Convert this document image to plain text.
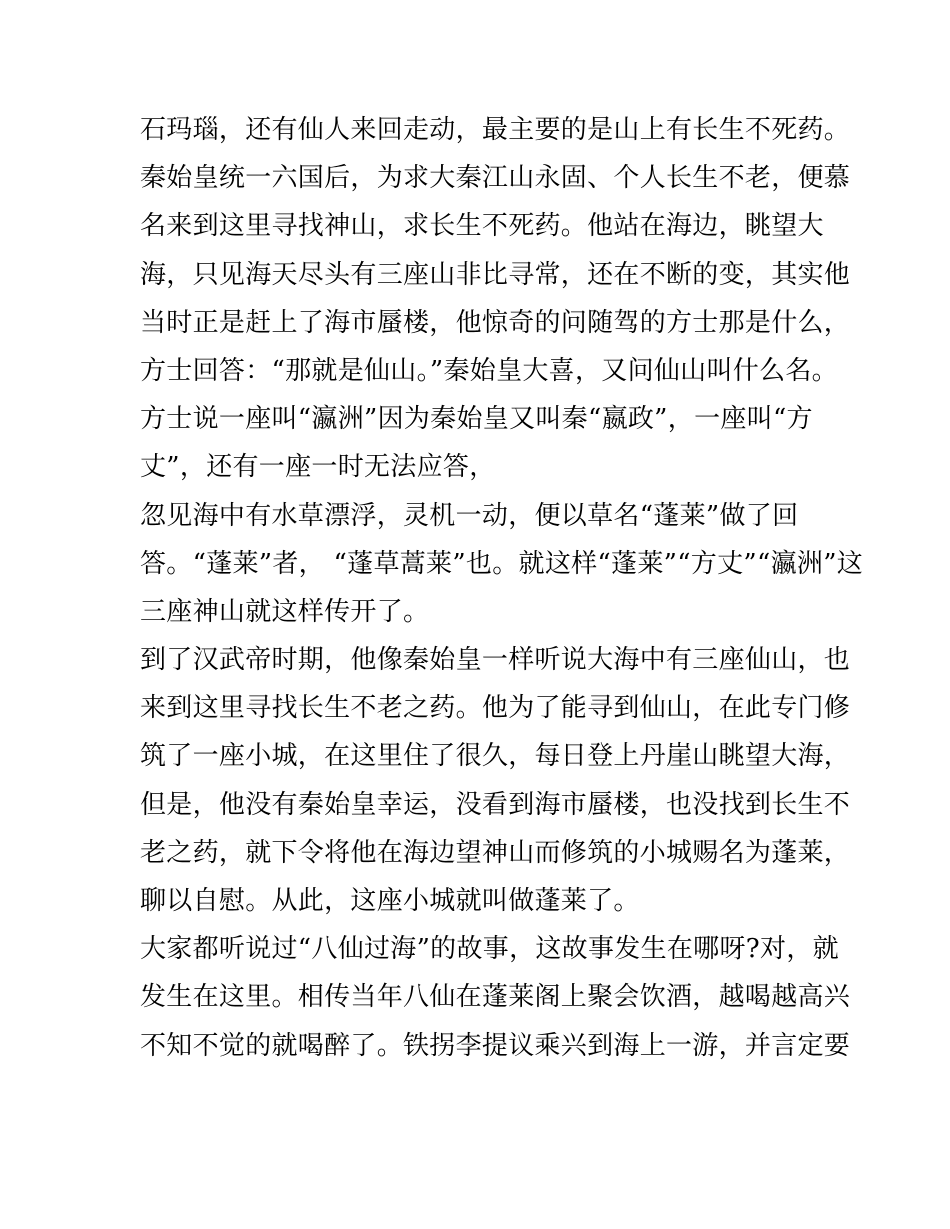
石玛瑙，还有仙人来回走动，最主要的是山上有长生不死药。
秦始皇统一六国后，为求大秦江山永固、个人长生不老，便慕
名来到这里寻找神山，求长生不死药。他站在海边，眺望大
海，只见海天尽头有三座山非比寻常，还在不断的变，其实他
当时正是赶上了海市蜃楼，他惊奇的问随驾的方士那是什么，
方士回答：“那就是仙山。”秦始皇大喜，又问仙山叫什么名。
方士说一座叫“瀛洲”因为秦始皇又叫秦“嬴政”，一座叫“方
丈”，还有一座一时无法应答，
忽见海中有水草漂浮，灵机一动，便以草名“蓬莱”做了回
答。“蓬莱”者， “蓬草蒿莱”也。就这样“蓬莱”“方丈”“瀛洲”这
三座神山就这样传开了。
到了汉武帝时期，他像秦始皇一样听说大海中有三座仙山，也
来到这里寻找长生不老之药。他为了能寻到仙山，在此专门修
筑了一座小城，在这里住了很久，每日登上丹崖山眺望大海，
但是，他没有秦始皇幸运，没看到海市蜃楼，也没找到长生不
老之药，就下令将他在海边望神山而修筑的小城赐名为蓬莱，
聊以自慰。从此，这座小城就叫做蓬莱了。
大家都听说过“八仙过海”的故事，这故事发生在哪呀?对，就
发生在这里。相传当年八仙在蓬莱阁上聚会饮酒，越喝越高兴
不知不觉的就喝醉了。铁拐李提议乘兴到海上一游，并言定要
